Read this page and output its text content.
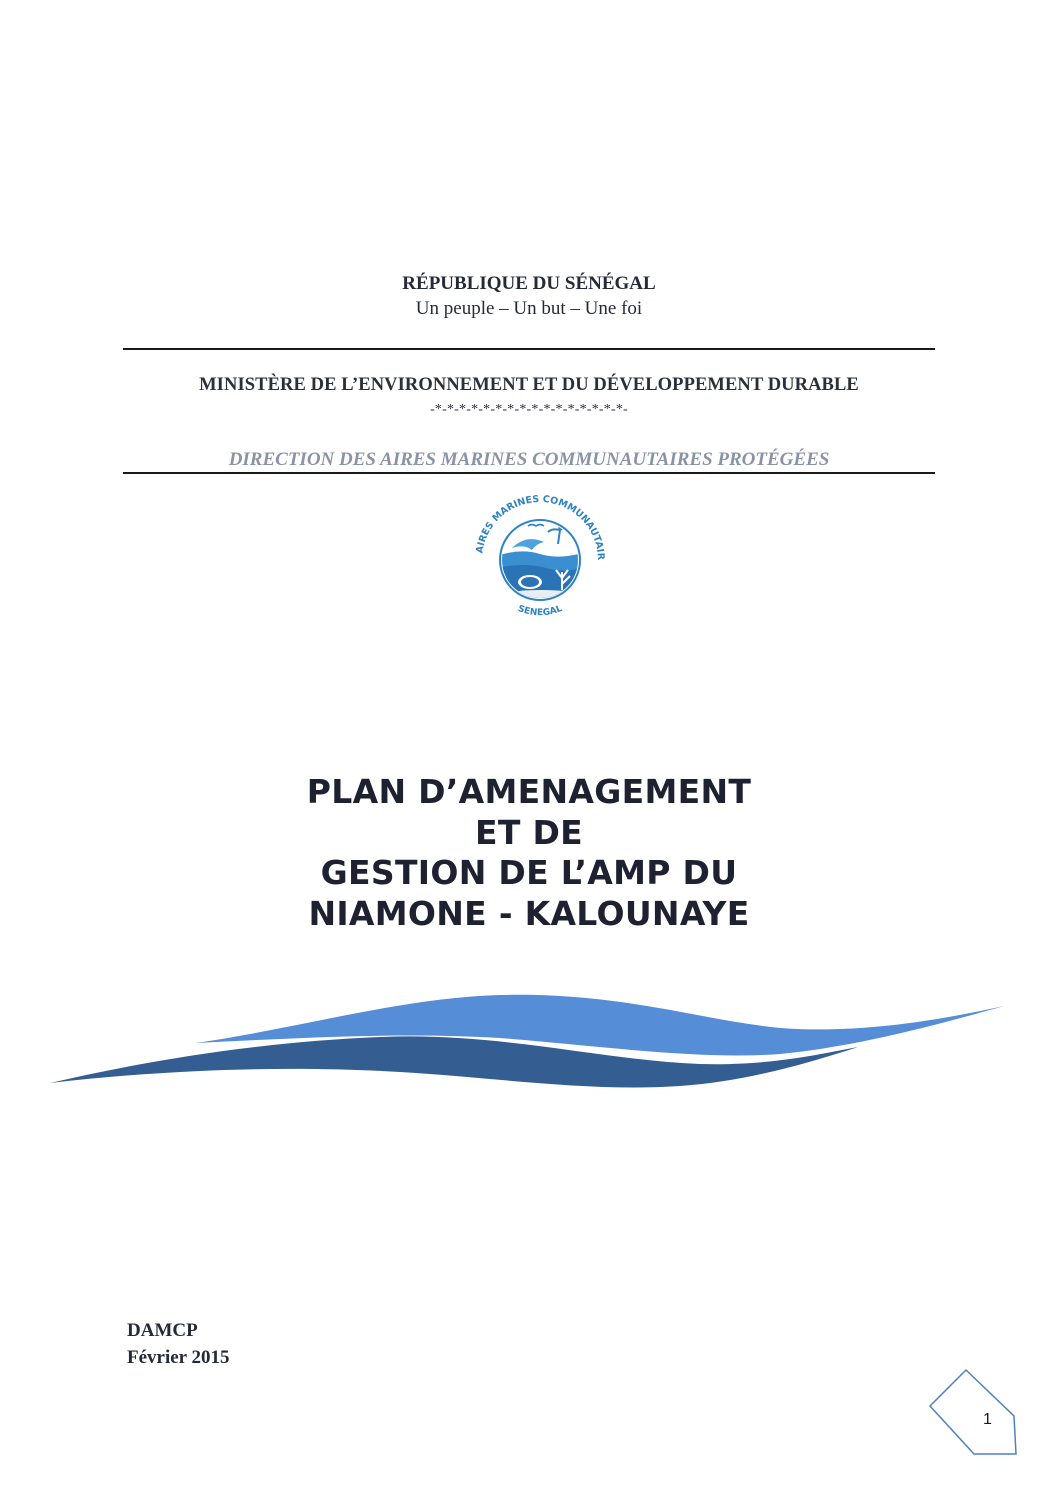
RÉPUBLIQUE DU SÉNÉGAL
Un peuple – Un but – Une foi
MINISTÈRE DE L’ENVIRONNEMENT ET DU DÉVELOPPEMENT DURABLE
-*-*-*-*-*-*-*-*-*-*-*-*-*-*-*-*-
DIRECTION DES AIRES MARINES COMMUNAUTAIRES PROTÉGÉES
AIRES MARINES COMMUNAUTAIR
SENEGAL
PLAN D’AMENAGEMENT
ET DE
GESTION DE L’AMP DU
NIAMONE - KALOUNAYE
DAMCP
Février 2015
1
